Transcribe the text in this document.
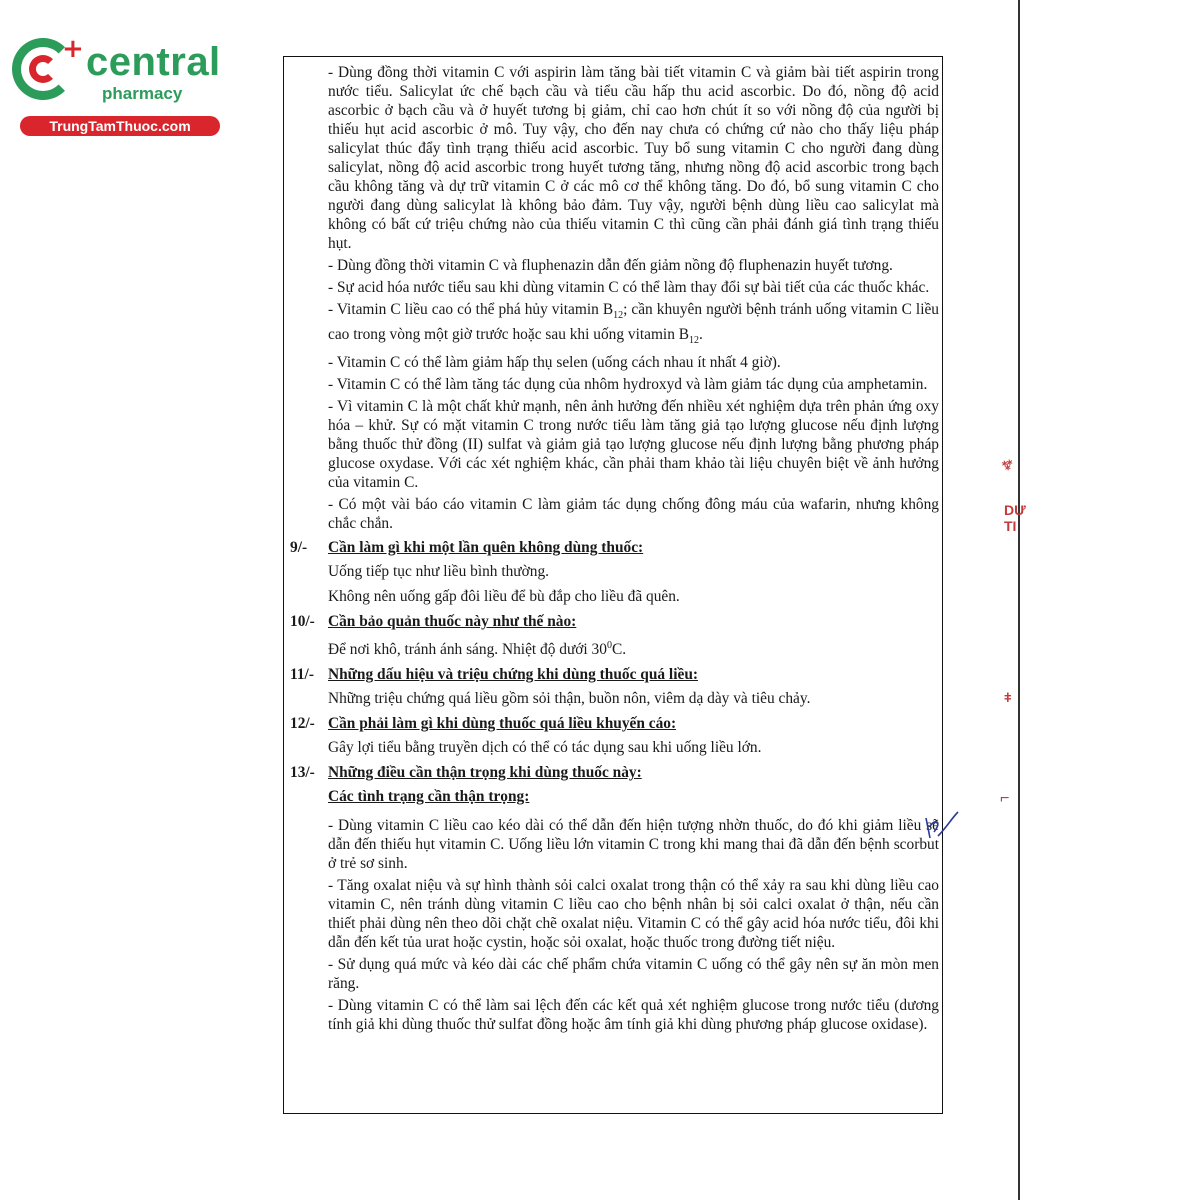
+ central
pharmacy
TrungTamThuoc.com
⁂
DƯ TI
ǂ
⌐

- Dùng đồng thời vitamin C với aspirin làm tăng bài tiết vitamin C và giảm bài tiết aspirin trong nước tiểu. Salicylat ức chế bạch cầu và tiểu cầu hấp thu acid ascorbic. Do đó, nồng độ acid ascorbic ở bạch cầu và ở huyết tương bị giảm, chỉ cao hơn chút ít so với nồng độ của người bị thiếu hụt acid ascorbic ở mô. Tuy vậy, cho đến nay chưa có chứng cứ nào cho thấy liệu pháp salicylat thúc đẩy tình trạng thiếu acid ascorbic. Tuy bổ sung vitamin C cho người đang dùng salicylat, nồng độ acid ascorbic trong huyết tương tăng, nhưng nồng độ acid ascorbic trong bạch cầu không tăng và dự trữ vitamin C ở các mô cơ thể không tăng. Do đó, bổ sung vitamin C cho người đang dùng salicylat là không bảo đảm. Tuy vậy, người bệnh dùng liều cao salicylat mà không có bất cứ triệu chứng nào của thiếu vitamin C thì cũng cần phải đánh giá tình trạng thiếu hụt.

- Dùng đồng thời vitamin C và fluphenazin dẫn đến giảm nồng độ fluphenazin huyết tương.

- Sự acid hóa nước tiểu sau khi dùng vitamin C có thể làm thay đổi sự bài tiết của các thuốc khác.

- Vitamin C liều cao có thể phá hủy vitamin $B_{12}$; cần khuyên người bệnh tránh uống vitamin C liều cao trong vòng một giờ trước hoặc sau khi uống vitamin $B_{12}$.

- Vitamin C có thể làm giảm hấp thụ selen (uống cách nhau ít nhất 4 giờ).

- Vitamin C có thể làm tăng tác dụng của nhôm hydroxyd và làm giảm tác dụng của amphetamin.

- Vì vitamin C là một chất khử mạnh, nên ảnh hưởng đến nhiều xét nghiệm dựa trên phản ứng oxy hóa – khử. Sự có mặt vitamin C trong nước tiểu làm tăng giả tạo lượng glucose nếu định lượng bằng thuốc thử đồng (II) sulfat và giảm giả tạo lượng glucose nếu định lượng bằng phương pháp glucose oxydase. Với các xét nghiệm khác, cần phải tham khảo tài liệu chuyên biệt về ảnh hưởng của vitamin C.

- Có một vài báo cáo vitamin C làm giảm tác dụng chống đông máu của wafarin, nhưng không chắc chắn.

9/- Cần làm gì khi một lần quên không dùng thuốc:

Uống tiếp tục như liều bình thường.

Không nên uống gấp đôi liều để bù đắp cho liều đã quên.

10/- Cần bảo quản thuốc này như thế nào:

Để nơi khô, tránh ánh sáng. Nhiệt độ dưới $30^0C$.

11/- Những dấu hiệu và triệu chứng khi dùng thuốc quá liều:

Những triệu chứng quá liều gồm sỏi thận, buồn nôn, viêm dạ dày và tiêu chảy.

12/- Cần phải làm gì khi dùng thuốc quá liều khuyến cáo:

Gây lợi tiểu bằng truyền dịch có thể có tác dụng sau khi uống liều lớn.

13/- Những điều cần thận trọng khi dùng thuốc này:
Các tình trạng cần thận trọng:

- Dùng vitamin C liều cao kéo dài có thể dẫn đến hiện tượng nhờn thuốc, do đó khi giảm liều sẽ dẫn đến thiếu hụt vitamin C. Uống liều lớn vitamin C trong khi mang thai đã dẫn đến bệnh scorbut ở trẻ sơ sinh.

- Tăng oxalat niệu và sự hình thành sỏi calci oxalat trong thận có thể xảy ra sau khi dùng liều cao vitamin C, nên tránh dùng vitamin C liều cao cho bệnh nhân bị sỏi calci oxalat ở thận, nếu cần thiết phải dùng nên theo dõi chặt chẽ oxalat niệu. Vitamin C có thể gây acid hóa nước tiểu, đôi khi dẫn đến kết tủa urat hoặc cystin, hoặc sỏi oxalat, hoặc thuốc trong đường tiết niệu.

- Sử dụng quá mức và kéo dài các chế phẩm chứa vitamin C uống có thể gây nên sự ăn mòn men răng.

- Dùng vitamin C có thể làm sai lệch đến các kết quả xét nghiệm glucose trong nước tiểu (dương tính giả khi dùng thuốc thử sulfat đồng hoặc âm tính giả khi dùng phương pháp glucose oxidase).
